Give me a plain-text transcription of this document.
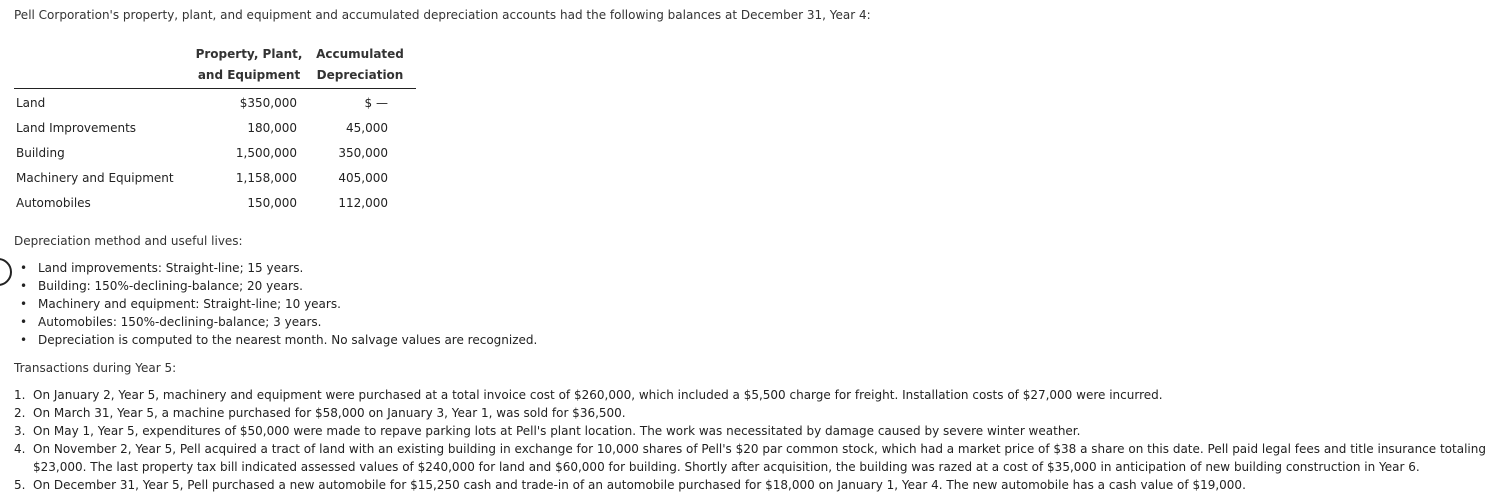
Pell Corporation's property, plant, and equipment and accumulated depreciation accounts had the following balances at December 31, Year 4:
Property, Plant,	Accumulated
and Equipment	Depreciation
Land	$350,000	$ —
Land Improvements	180,000	45,000
Building	1,500,000	350,000
Machinery and Equipment	1,158,000	405,000
Automobiles	150,000	112,000
Depreciation method and useful lives:
• Land improvements: Straight-line; 15 years.
• Building: 150%-declining-balance; 20 years.
• Machinery and equipment: Straight-line; 10 years.
• Automobiles: 150%-declining-balance; 3 years.
• Depreciation is computed to the nearest month. No salvage values are recognized.
Transactions during Year 5:
1. On January 2, Year 5, machinery and equipment were purchased at a total invoice cost of $260,000, which included a $5,500 charge for freight. Installation costs of $27,000 were incurred.
2. On March 31, Year 5, a machine purchased for $58,000 on January 3, Year 1, was sold for $36,500.
3. On May 1, Year 5, expenditures of $50,000 were made to repave parking lots at Pell's plant location. The work was necessitated by damage caused by severe winter weather.
4. On November 2, Year 5, Pell acquired a tract of land with an existing building in exchange for 10,000 shares of Pell's $20 par common stock, which had a market price of $38 a share on this date. Pell paid legal fees and title insurance totaling $23,000. The last property tax bill indicated assessed values of $240,000 for land and $60,000 for building. Shortly after acquisition, the building was razed at a cost of $35,000 in anticipation of new building construction in Year 6.
5. On December 31, Year 5, Pell purchased a new automobile for $15,250 cash and trade-in of an automobile purchased for $18,000 on January 1, Year 4. The new automobile has a cash value of $19,000.
